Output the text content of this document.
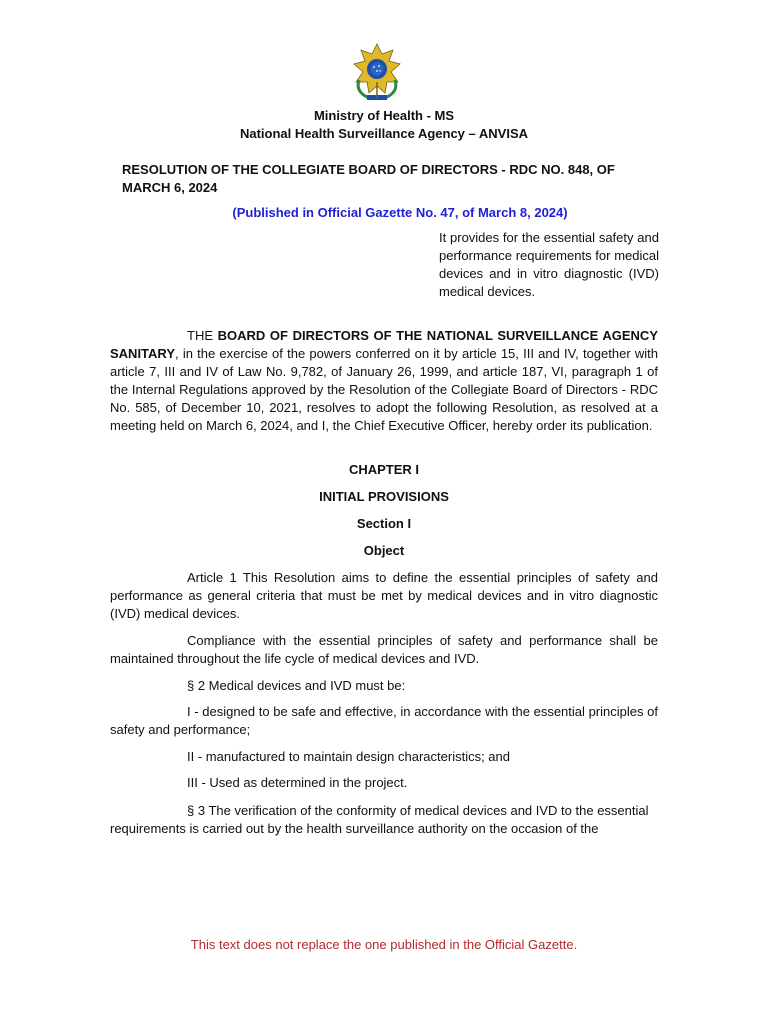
Ministry of Health - MS
National Health Surveillance Agency – ANVISA
RESOLUTION OF THE COLLEGIATE BOARD OF DIRECTORS - RDC NO. 848, OF MARCH 6, 2024
(Published in Official Gazette No. 47, of March 8, 2024)
It provides for the essential safety and performance requirements for medical devices and in vitro diagnostic (IVD) medical devices.

THE BOARD OF DIRECTORS OF THE NATIONAL SURVEILLANCE AGENCY SANITARY, in the exercise of the powers conferred on it by article 15, III and IV, together with article 7, III and IV of Law No. 9,782, of January 26, 1999, and article 187, VI, paragraph 1 of the Internal Regulations approved by the Resolution of the Collegiate Board of Directors - RDC No. 585, of December 10, 2021, resolves to adopt the following Resolution, as resolved at a meeting held on March 6, 2024, and I, the Chief Executive Officer, hereby order its publication.

CHAPTER I
INITIAL PROVISIONS
Section I
Object

Article 1 This Resolution aims to define the essential principles of safety and performance as general criteria that must be met by medical devices and in vitro diagnostic (IVD) medical devices.

Compliance with the essential principles of safety and performance shall be maintained throughout the life cycle of medical devices and IVD.

§ 2 Medical devices and IVD must be:

I - designed to be safe and effective, in accordance with the essential principles of safety and performance;

II - manufactured to maintain design characteristics; and

III - Used as determined in the project.

§ 3 The verification of the conformity of medical devices and IVD to the essential requirements is carried out by the health surveillance authority on the occasion of the

This text does not replace the one published in the Official Gazette.
